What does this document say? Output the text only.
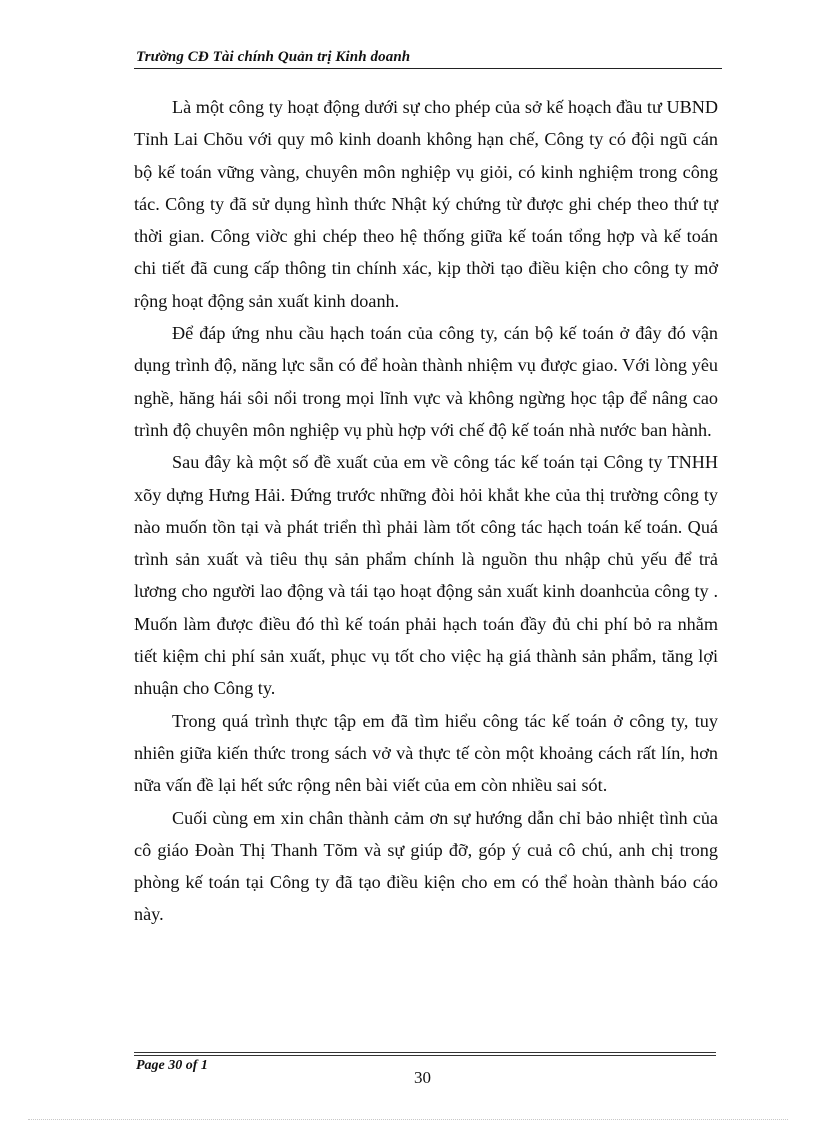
Trường CĐ Tài chính Quản trị Kinh doanh

Là một công ty hoạt động dưới sự cho phép của sở kế hoạch đầu tư UBND Tỉnh Lai Chõu với quy mô kinh doanh không hạn chế, Công ty có đội ngũ cán bộ kế toán vững vàng, chuyên môn nghiệp vụ giỏi, có kinh nghiệm trong công tác. Công ty đã sử dụng hình thức Nhật ký chứng từ được ghi chép theo thứ tự thời gian. Công viờc ghi chép theo hệ thống giữa kế toán tổng hợp và kế toán chi tiết đã cung cấp thông tin chính xác, kịp thời tạo điều kiện cho công ty mở rộng hoạt động sản xuất kinh doanh.

Để đáp ứng nhu cầu hạch toán của công ty, cán bộ kế toán ở đây đó vận dụng trình độ, năng lực sẵn có để hoàn thành nhiệm vụ được giao. Với lòng yêu nghề, hăng hái sôi nổi trong mọi lĩnh vực và không ngừng học tập để nâng cao trình độ chuyên môn nghiệp vụ phù hợp với chế độ kế toán nhà nước ban hành.

Sau đây kà một số đề xuất của em về công tác kế toán tại Công ty TNHH xõy dựng Hưng Hải. Đứng trước những đòi hỏi khắt khe của thị trường công ty nào muốn tồn tại và phát triển thì phải làm tốt công tác hạch toán kế toán. Quá trình sản xuất và tiêu thụ sản phẩm chính là nguồn thu nhập chủ yếu để trả lương cho người lao động và tái tạo hoạt động sản xuất kinh doanhcủa công ty . Muốn làm được điều đó thì kế toán phải hạch toán đầy đủ chi phí bỏ ra nhằm tiết kiệm chi phí sản xuất, phục vụ tốt cho việc hạ giá thành sản phẩm, tăng lợi nhuận cho Công ty.

Trong quá trình thực tập em đã tìm hiểu công tác kế toán ở công ty, tuy nhiên giữa kiến thức trong sách vở và thực tế còn một khoảng cách rất lín, hơn nữa vấn đề lại hết sức rộng nên bài viết của em còn nhiều sai sót.

Cuối cùng em xin chân thành cảm ơn sự hướng dẫn chỉ bảo nhiệt tình của cô giáo Đoàn Thị Thanh Tõm và sự giúp đỡ, góp ý cuả cô chú, anh chị trong phòng kế toán tại Công ty đã tạo điều kiện cho em có thể hoàn thành báo cáo này.

Page 30 of 1
30
